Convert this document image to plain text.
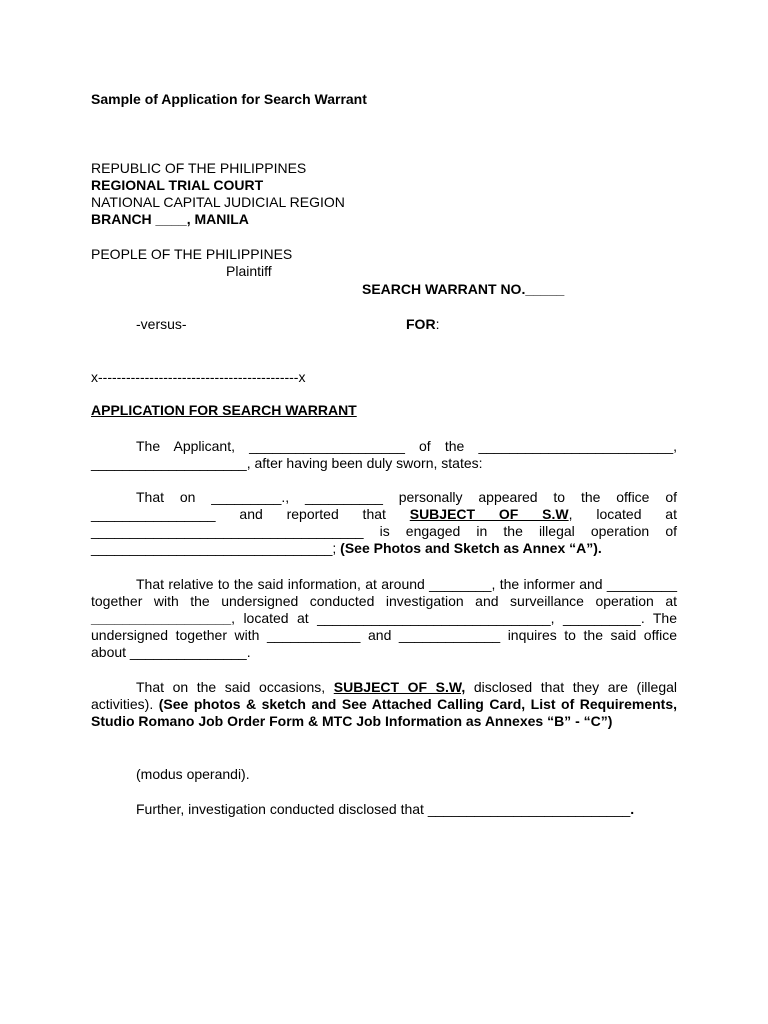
Sample of Application for Search Warrant
REPUBLIC OF THE PHILIPPINES
REGIONAL TRIAL COURT
NATIONAL CAPITAL JUDICIAL REGION
BRANCH ____, MANILA
PEOPLE OF THE PHILIPPINES
Plaintiff
SEARCH WARRANT NO._____
-versus-	FOR:
x-------------------------------------------x
APPLICATION FOR SEARCH WARRANT
The Applicant, ____________________ of the _________________________, ____________________, after having been duly sworn, states:
That on _________., __________ personally appeared to the office of ________________ and reported that SUBJECT OF S.W, located at ___________________________________ is engaged in the illegal operation of _______________________________; (See Photos and Sketch as Annex “A”).
That relative to the said information, at around ________, the informer and _________ together with the undersigned conducted investigation and surveillance operation at __________________, located at ______________________________, __________. The undersigned together with ____________ and _____________ inquires to the said office about _______________.
That on the said occasions, SUBJECT OF S.W, disclosed that they are (illegal activities). (See photos & sketch and See Attached Calling Card, List of Requirements, Studio Romano Job Order Form & MTC Job Information as Annexes “B” - “C”)
(modus operandi).
Further, investigation conducted disclosed that __________________________.
